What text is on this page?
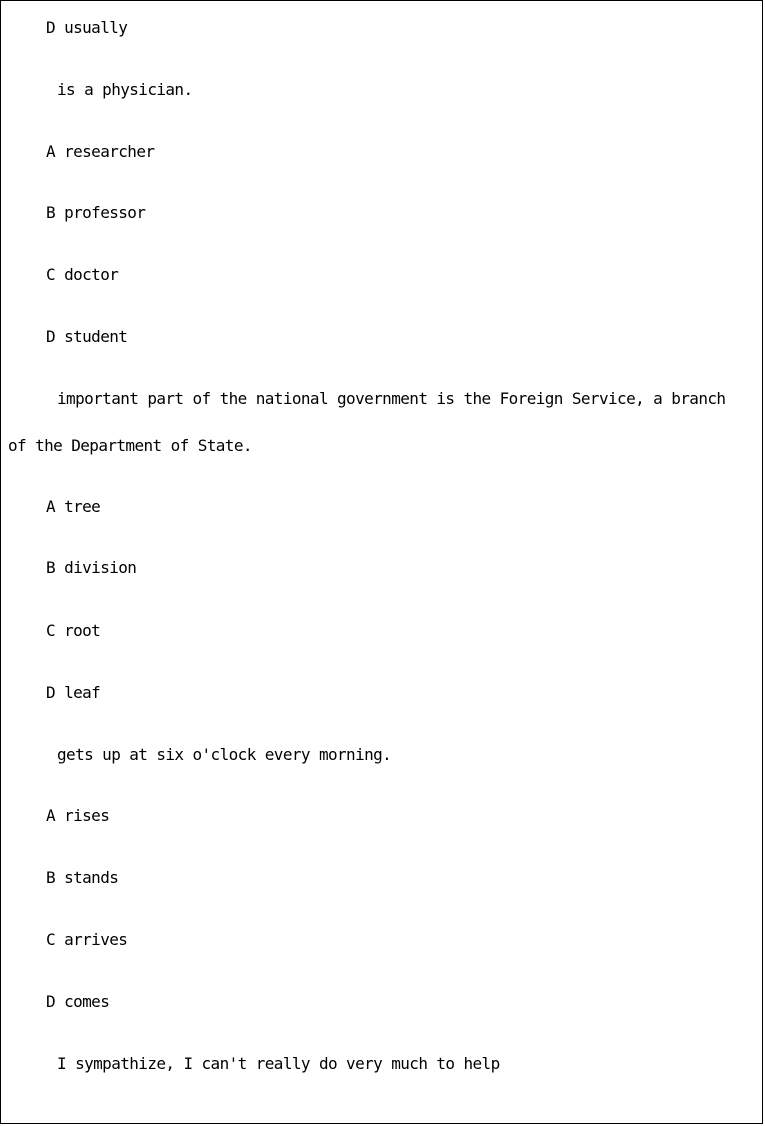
D usually
is a physician.
A researcher
B professor
C doctor
D student
important part of the national government is the Foreign Service, a branch
of the Department of State.
A tree
B division
C root
D leaf
gets up at six o'clock every morning.
A rises
B stands
C arrives
D comes
I sympathize, I can't really do very much to help
